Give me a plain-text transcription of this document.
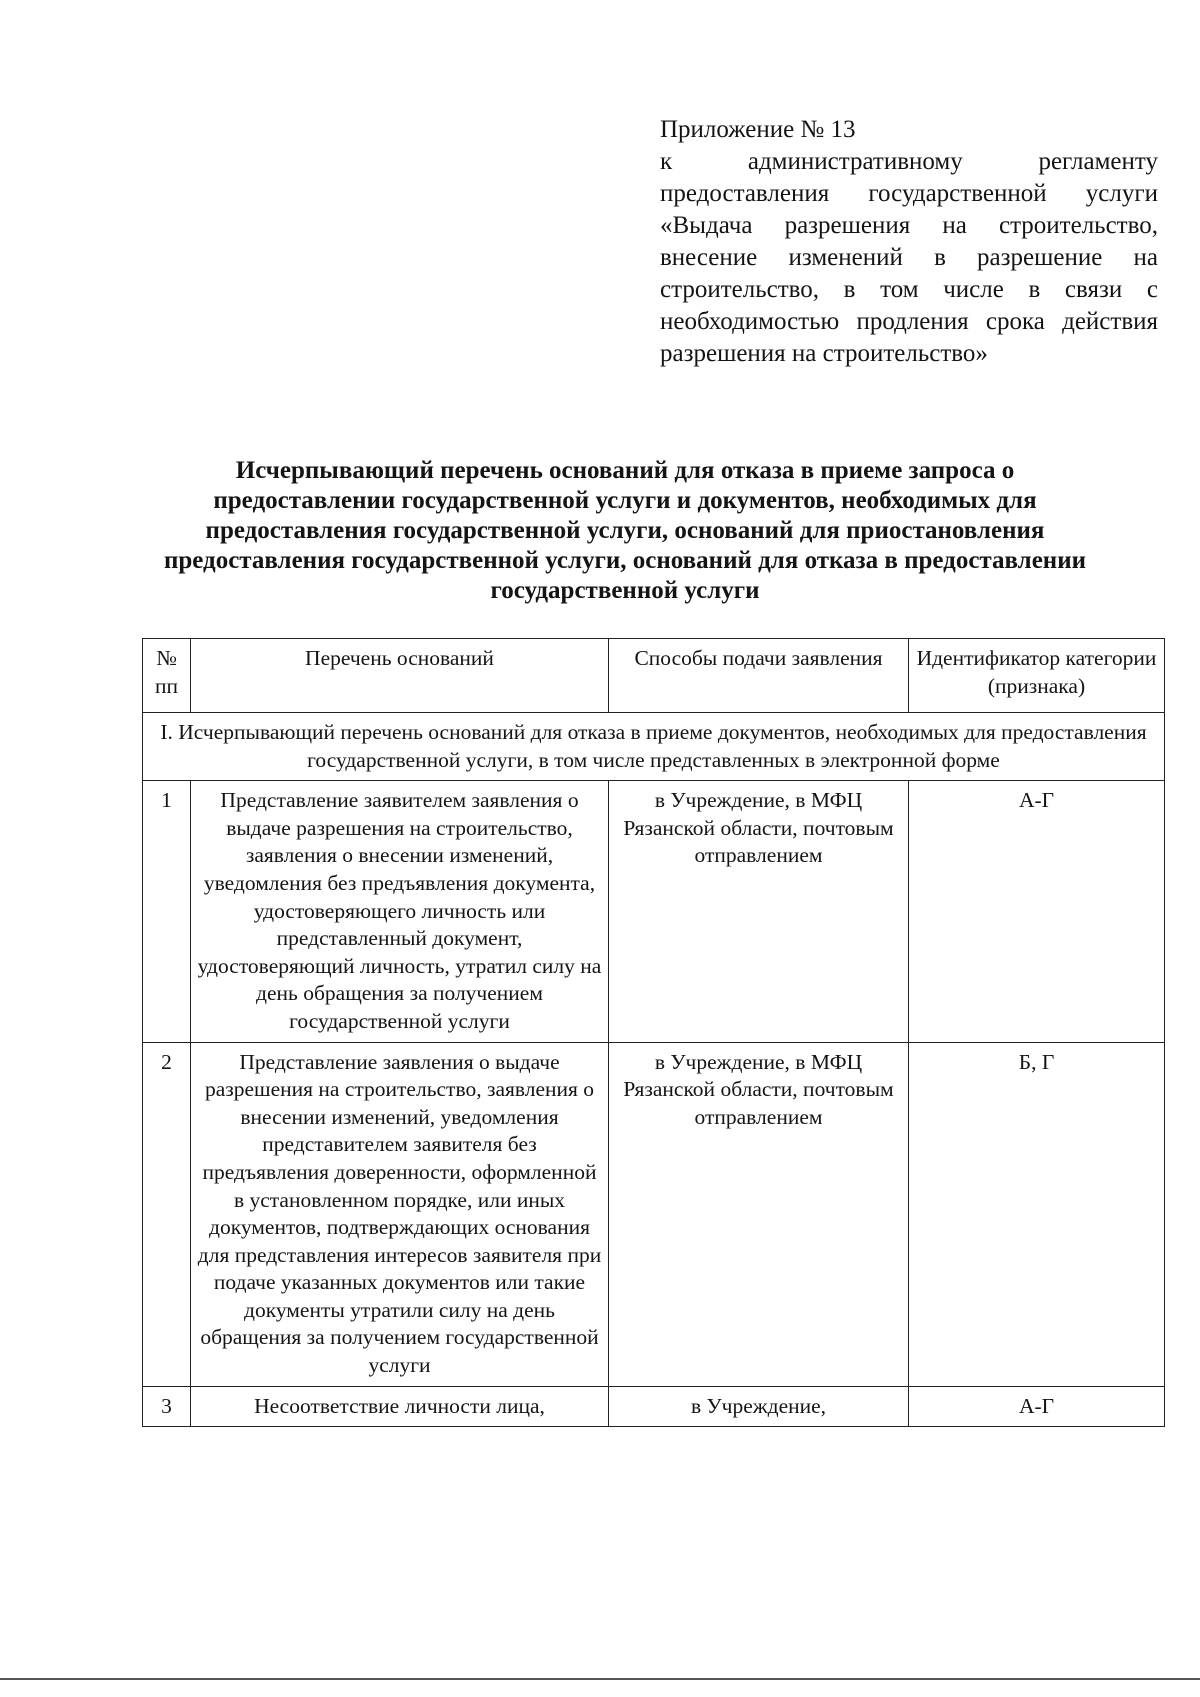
Приложение № 13
к административному регламенту предоставления государственной услуги «Выдача разрешения на строительство, внесение изменений в разрешение на строительство, в том числе в связи с необходимостью продления срока действия разрешения на строительство»
Исчерпывающий перечень оснований для отказа в приеме запроса о предоставлении государственной услуги и документов, необходимых для предоставления государственной услуги, оснований для приостановления предоставления государственной услуги, оснований для отказа в предоставлении государственной услуги
№ пп	Перечень оснований	Способы подачи заявления	Идентификатор категории (признака)
I. Исчерпывающий перечень оснований для отказа в приеме документов, необходимых для предоставления государственной услуги, в том числе представленных в электронной форме			
1	Представление заявителем заявления о выдаче разрешения на строительство, заявления о внесении изменений, уведомления без предъявления документа, удостоверяющего личность или представленный документ, удостоверяющий личность, утратил силу на день обращения за получением государственной услуги	в Учреждение, в МФЦ Рязанской области, почтовым отправлением	А-Г
2	Представление заявления о выдаче разрешения на строительство, заявления о внесении изменений, уведомления представителем заявителя без предъявления доверенности, оформленной в установленном порядке, или иных документов, подтверждающих основания для представления интересов заявителя при подаче указанных документов или такие документы утратили силу на день обращения за получением государственной услуги	в Учреждение, в МФЦ Рязанской области, почтовым отправлением	Б, Г
3	Несоответствие личности лица,	в Учреждение,	А-Г
